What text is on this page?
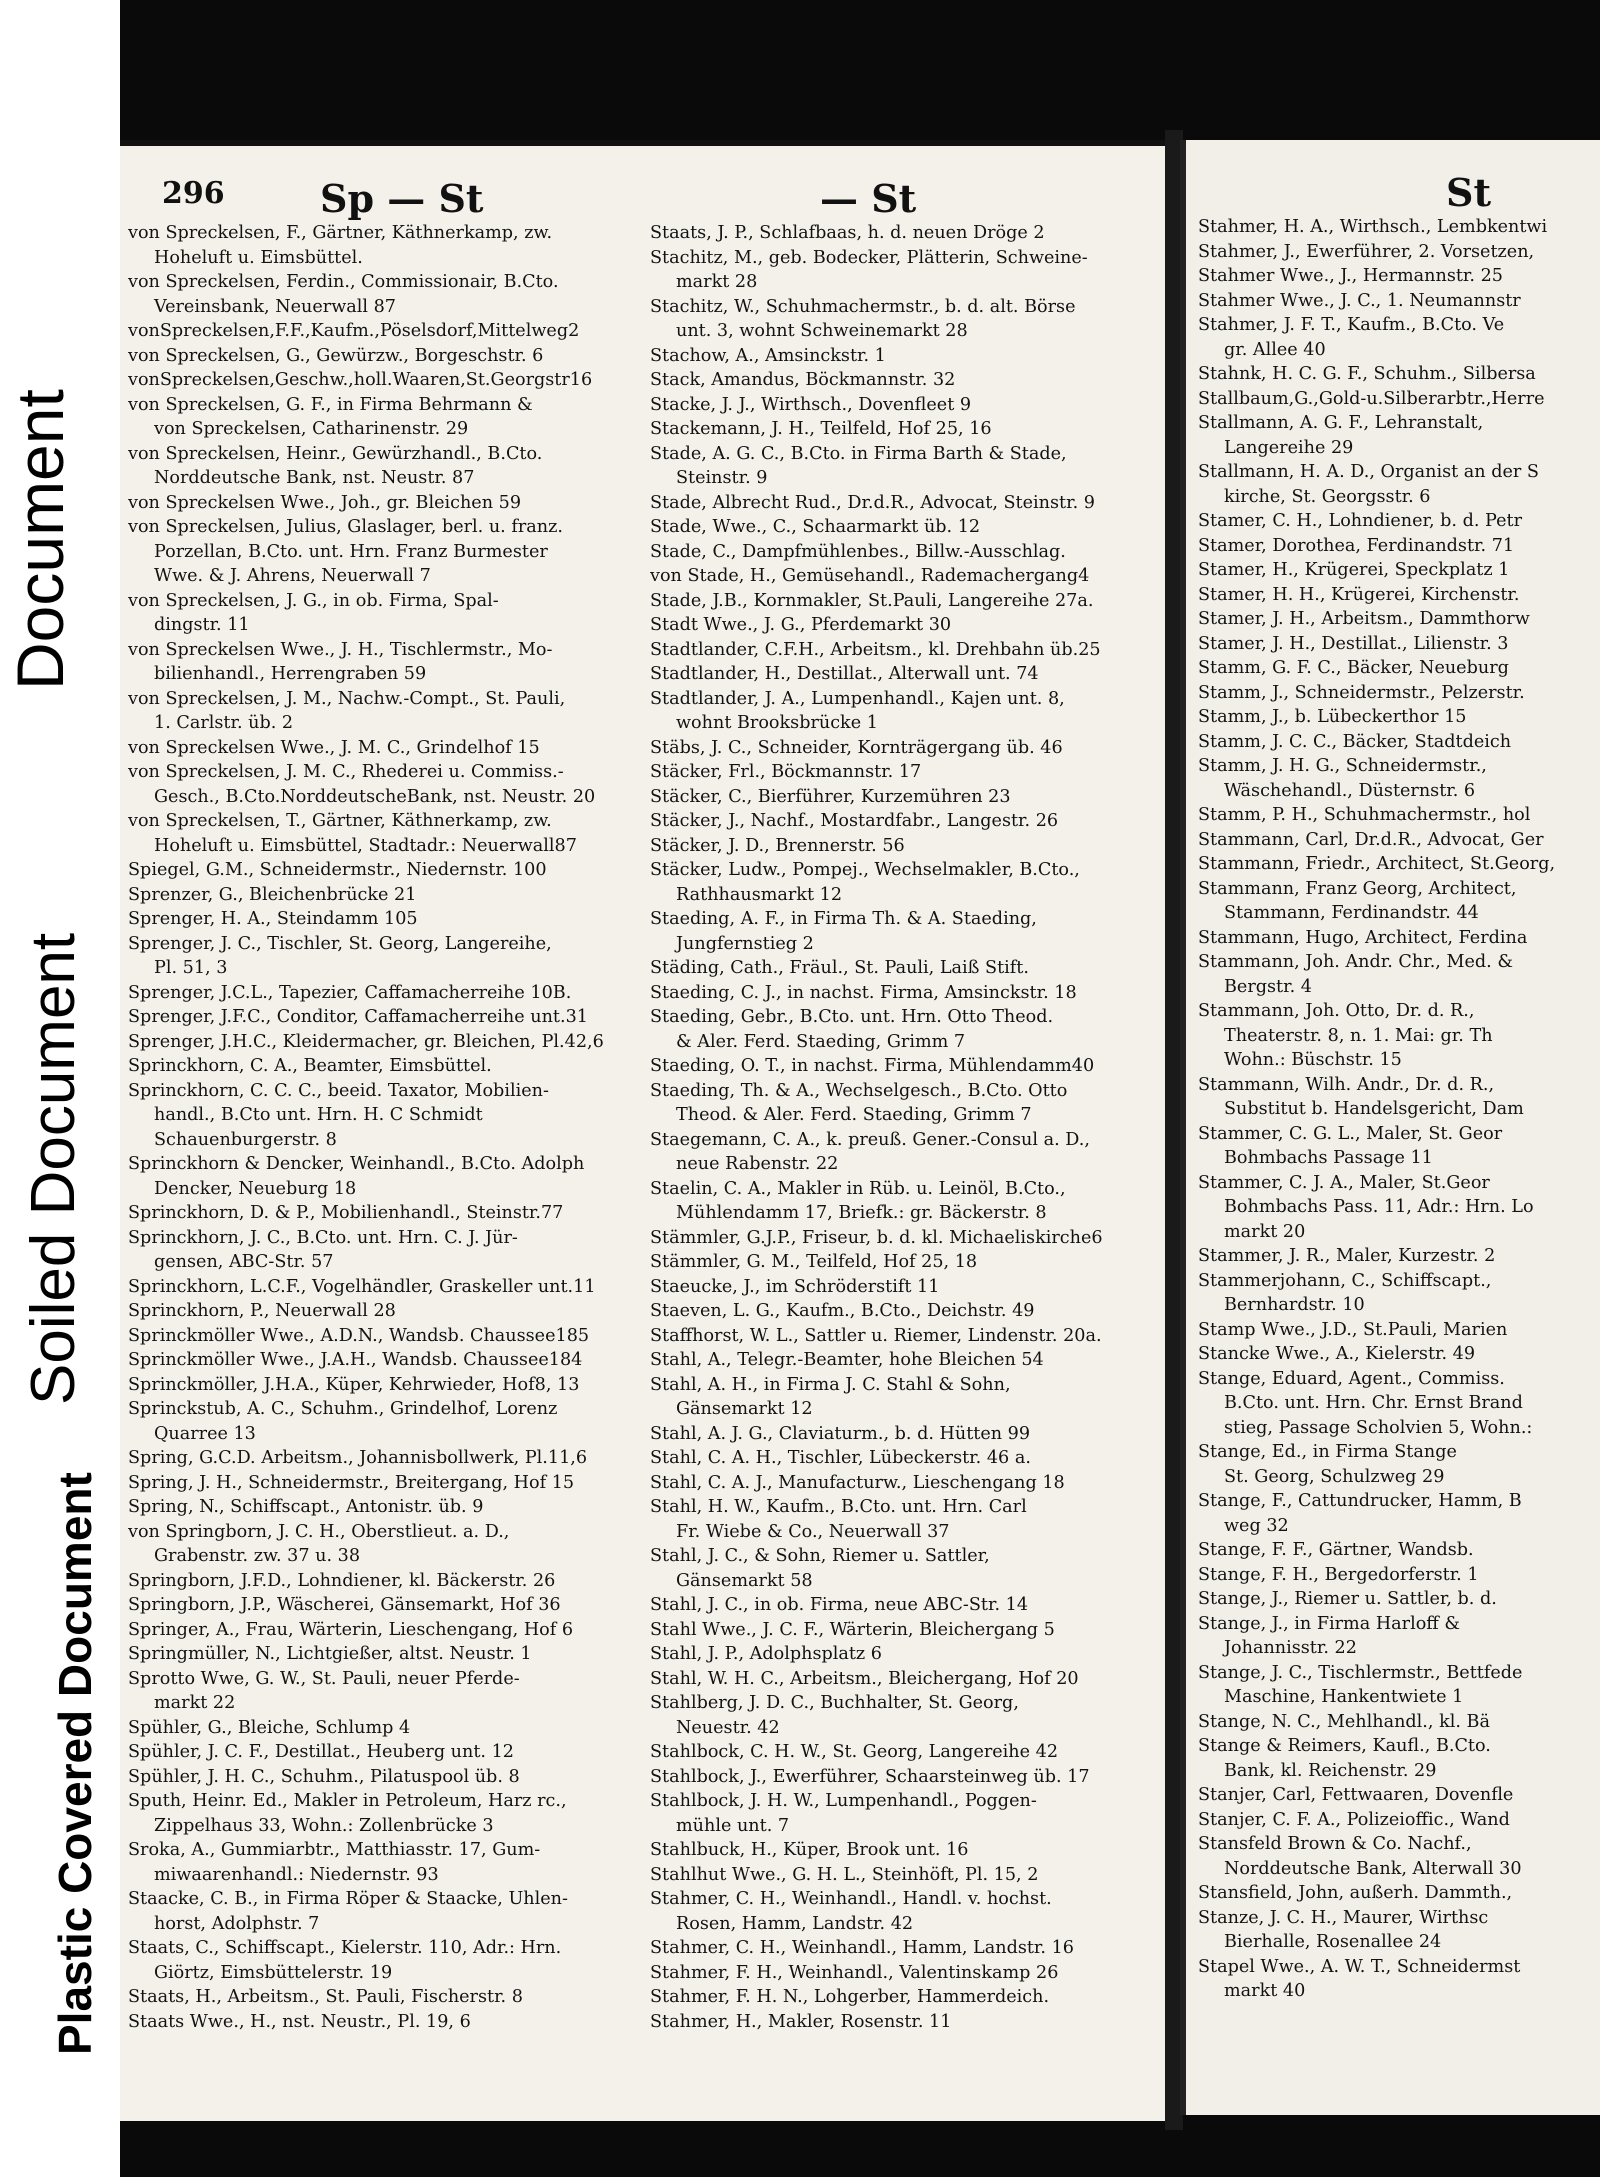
Document
Soiled Document
Plastic Covered Document
296	Sp — St	— St
von Spreckelsen, F., Gärtner, Käthnerkamp, zw.
Hoheluft u. Eimsbüttel.
von Spreckelsen, Ferdin., Commissionair, B.Cto.
Vereinsbank, Neuerwall 87
vonSpreckelsen,F.F.,Kaufm.,Pöselsdorf,Mittelweg2
von Spreckelsen, G., Gewürzw., Borgesch​str. 6
vonSpreckelsen,Geschw.,holl.Waaren,St.Georgstr16
von Spreckelsen, G. F., in Firma Behrmann &
von Spreckelsen, Catharinenstr. 29
von Spreckelsen, Heinr., Gewürzhandl., B.Cto.
Norddeutsche Bank, nst. Neustr. 87
von Spreckelsen Wwe., Joh., gr. Bleichen 59
von Spreckelsen, Julius, Glaslager, berl. u. franz.
Porzellan, B.Cto. unt. Hrn. Franz Burmester
Wwe. & J. Ahrens, Neuerwall 7
von Spreckelsen, J. G., in ob. Firma, Spal-
dingstr. 11
von Spreckelsen Wwe., J. H., Tischlermstr., Mo-
bilienhandl., Herrengraben 59
von Spreckelsen, J. M., Nachw.-Compt., St. Pauli,
1. Carlstr. üb. 2
von Spreckelsen Wwe., J. M. C., Grindelhof 15
von Spreckelsen, J. M. C., Rhederei u. Commiss.-
Gesch., B.Cto.NorddeutscheBank, nst. Neustr. 20
von Spreckelsen, T., Gärtner, Käthnerkamp, zw.
Hoheluft u. Eimsbüttel, Stadtadr.: Neuerwall87
Spiegel, G.M., Schneidermstr., Niedernstr. 100
Sprenzer, G., Bleichenbrücke 21
Sprenger, H. A., Steindamm 105
Sprenger, J. C., Tischler, St. Georg, Langereihe,
Pl. 51, 3
Sprenger, J.C.L., Tapezier, Caffamacherreihe 10B.
Sprenger, J.F.C., Conditor, Caffamacherreihe unt.31
Sprenger, J.H.C., Kleidermacher, gr. Bleichen, Pl.42,6
Sprinckhorn, C. A., Beamter, Eimsbüttel.
Sprinckhorn, C. C. C., beeid. Taxator, Mobilien-
handl., B.Cto unt. Hrn. H. C Schmidt
Schauenburgerstr. 8
Sprinckhorn & Dencker, Weinhandl., B.Cto. Adolph
Dencker, Neueburg 18
Sprinckhorn, D. & P., Mobilienhandl., Steinstr.77
Sprinckhorn, J. C., B.Cto. unt. Hrn. C. J. Jür-
gensen, ABC-Str. 57
Sprinckhorn, L.C.F., Vogelhändler, Graskeller unt.11
Sprinckhorn, P., Neuerwall 28
Sprinckmöller Wwe., A.D.N., Wandsb. Chaussee185
Sprinckmöller Wwe., J.A.H., Wandsb. Chaussee184
Sprinckmöller, J.H.A., Küper, Kehrwieder, Hof8, 13
Sprinckstub, A. C., Schuhm., Grindelhof, Lorenz
Quarree 13
Spring, G.C.D. Arbeitsm., Johannisbollwerk, Pl.11,6
Spring, J. H., Schneidermstr., Breitergang, Hof 15
Spring, N., Schiffscapt., Antonistr. üb. 9
von Springborn, J. C. H., Oberstlieut. a. D.,
Grabenstr. zw. 37 u. 38
Springborn, J.F.D., Lohndiener, kl. Bäckerstr. 26
Springborn, J.P., Wäscherei, Gänsemarkt, Hof 36
Springer, A., Frau, Wärterin, Lieschengang, Hof 6
Springmüller, N., Lichtgießer, altst. Neustr. 1
Sprotto Wwe, G. W., St. Pauli, neuer Pferde-
markt 22
Spühler, G., Bleiche, Schlump 4
Spühler, J. C. F., Destillat., Heuberg unt. 12
Spühler, J. H. C., Schuhm., Pilatuspool üb. 8
Sputh, Heinr. Ed., Makler in Petroleum, Harz rc.,
Zippelhaus 33, Wohn.: Zollenbrücke 3
Sroka, A., Gummiarbtr., Matthiasstr. 17, Gum-
miwaarenhandl.: Niedernstr. 93
Staacke, C. B., in Firma Röper & Staacke, Uhlen-
horst, Adolphstr. 7
Staats, C., Schiffscapt., Kielerstr. 110, Adr.: Hrn.
Giörtz, Eimsbüttelerstr. 19
Staats, H., Arbeitsm., St. Pauli, Fischerstr. 8
Staats Wwe., H., nst. Neustr., Pl. 19, 6
Staats, J. P., Schlafbaas, h. d. neuen Dröge 2
Stachitz, M., geb. Bodecker, Plätterin, Schweine-
markt 28
Stachitz, W., Schuhmachermstr., b. d. alt. Börse
unt. 3, wohnt Schweinemarkt 28
Stachow, A., Amsinckstr. 1
Stack, Amandus, Böckmannstr. 32
Stacke, J. J., Wirthsch., Dovenfleet 9
Stackemann, J. H., Teilfeld, Hof 25, 16
Stade, A. G. C., B.Cto. in Firma Barth & Stade,
Steinstr. 9
Stade, Albrecht Rud., Dr.d.R., Advocat, Steinstr. 9
Stade, Wwe., C., Schaarmarkt üb. 12
Stade, C., Dampfmühlenbes., Billw.-Ausschlag.
von Stade, H., Gemüsehandl., Rademachergang4
Stade, J.B., Kornmakler, St.Pauli, Langereihe 27a.
Stadt Wwe., J. G., Pferdemarkt 30
Stadtlander, C.F.H., Arbeitsm., kl. Drehbahn üb.25
Stadtlander, H., Destillat., Alterwall unt. 74
Stadtlander, J. A., Lumpenhandl., Kajen unt. 8,
wohnt Brooksbrücke 1
Stäbs, J. C., Schneider, Kornträgergang üb. 46
Stäcker, Frl., Böckmannstr. 17
Stäcker, C., Bierführer, Kurzemühren 23
Stäcker, J., Nachf., Mostardfabr., Langestr. 26
Stäcker, J. D., Brennerstr. 56
Stäcker, Ludw., Pompej., Wechselmakler, B.Cto.,
Rathhausmarkt 12
Staeding, A. F., in Firma Th. & A. Staeding,
Jungfernstieg 2
Städing, Cath., Fräul., St. Pauli, Laiß Stift.
Staeding, C. J., in nachst. Firma, Amsinckstr. 18
Staeding, Gebr., B.Cto. unt. Hrn. Otto Theod.
& Aler. Ferd. Staeding, Grimm 7
Staeding, O. T., in nachst. Firma, Mühlendamm40
Staeding, Th. & A., Wechselgesch., B.Cto. Otto
Theod. & Aler. Ferd. Staeding, Grimm 7
Staegemann, C. A., k. preuß. Gener.-Consul a. D.,
neue Rabenstr. 22
Staelin, C. A., Makler in Rüb. u. Leinöl, B.Cto.,
Mühlendamm 17, Briefk.: gr. Bäckerstr. 8
Stämmler, G.J.P., Friseur, b. d. kl. Michaeliskirche6
Stämmler, G. M., Teilfeld, Hof 25, 18
Staeucke, J., im Schröderstift 11
Staeven, L. G., Kaufm., B.Cto., Deichstr. 49
Staffhorst, W. L., Sattler u. Riemer, Lindenstr. 20a.
Stahl, A., Telegr.-Beamter, hohe Bleichen 54
Stahl, A. H., in Firma J. C. Stahl & Sohn,
Gänsemarkt 12
Stahl, A. J. G., Claviaturm., b. d. Hütten 99
Stahl, C. A. H., Tischler, Lübeckerstr. 46 a.
Stahl, C. A. J., Manufacturw., Lieschengang 18
Stahl, H. W., Kaufm., B.Cto. unt. Hrn. Carl
Fr. Wiebe & Co., Neuerwall 37
Stahl, J. C., & Sohn, Riemer u. Sattler,
Gänsemarkt 58
Stahl, J. C., in ob. Firma, neue ABC-Str. 14
Stahl Wwe., J. C. F., Wärterin, Bleichergang 5
Stahl, J. P., Adolphsplatz 6
Stahl, W. H. C., Arbeitsm., Bleichergang, Hof 20
Stahlberg, J. D. C., Buchhalter, St. Georg,
Neuestr. 42
Stahlbock, C. H. W., St. Georg, Langereihe 42
Stahlbock, J., Ewerführer, Schaarsteinweg üb. 17
Stahlbock, J. H. W., Lumpenhandl., Poggen-
mühle unt. 7
Stahlbuck, H., Küper, Brook unt. 16
Stahlhut Wwe., G. H. L., Steinhöft, Pl. 15, 2
Stahmer, C. H., Weinhandl., Handl. v. hochst.
Rosen, Hamm, Landstr. 42
Stahmer, C. H., Weinhandl., Hamm, Landstr. 16
Stahmer, F. H., Weinhandl., Valentinskamp 26
Stahmer, F. H. N., Lohgerber, Hammerdeich.
Stahmer, H., Makler, Rosenstr. 11
St
Stahmer, H. A., Wirthsch., Lembkentwi
Stahmer, J., Ewerführer, 2. Vorsetzen,
Stahmer Wwe., J., Hermannstr. 25
Stahmer Wwe., J. C., 1. Neumannstr
Stahmer, J. F. T., Kaufm., B.Cto. Ve
gr. Allee 40
Stahnk, H. C. G. F., Schuhm., Silbersa
Stallbaum,G.,Gold-u.Silberarbtr.,Herre
Stallmann, A. G. F., Lehranstalt,
Langereihe 29
Stallmann, H. A. D., Organist an der S
kirche, St. Georgsstr. 6
Stamer, C. H., Lohndiener, b. d. Petr
Stamer, Dorothea, Ferdinandstr. 71
Stamer, H., Krügerei, Speckplatz 1
Stamer, H. H., Krügerei, Kirchenstr.
Stamer, J. H., Arbeitsm., Dammthorw
Stamer, J. H., Destillat., Lilienstr. 3
Stamm, G. F. C., Bäcker, Neueburg
Stamm, J., Schneidermstr., Pelzerstr.
Stamm, J., b. Lübeckerthor 15
Stamm, J. C. C., Bäcker, Stadtdeich
Stamm, J. H. G., Schneidermstr.,
Wäschehandl., Düsternstr. 6
Stamm, P. H., Schuhmachermstr., hol
Stammann, Carl, Dr.d.R., Advocat, Ger
Stammann, Friedr., Architect, St.Georg,
Stammann, Franz Georg, Architect,
Stammann, Ferdinandstr. 44
Stammann, Hugo, Architect, Ferdina
Stammann, Joh. Andr. Chr., Med. &
Bergstr. 4
Stammann, Joh. Otto, Dr. d. R.,
Theaterstr. 8, n. 1. Mai: gr. Th
Wohn.: Büschstr. 15
Stammann, Wilh. Andr., Dr. d. R.,
Substitut b. Handelsgericht, Dam
Stammer, C. G. L., Maler, St. Geor
Bohmbachs Passage 11
Stammer, C. J. A., Maler, St.Geor
Bohmbachs Pass. 11, Adr.: Hrn. Lo
markt 20
Stammer, J. R., Maler, Kurzestr. 2
Stammerjohann, C., Schiffscapt.,
Bernhardstr. 10
Stamp Wwe., J.D., St.Pauli, Marien
Stancke Wwe., A., Kielerstr. 49
Stange, Eduard, Agent., Commiss.
B.Cto. unt. Hrn. Chr. Ernst Brand
stieg, Passage Scholvien 5, Wohn.:
Stange, Ed., in Firma Stange
St. Georg, Schulzweg 29
Stange, F., Cattundrucker, Hamm, B
weg 32
Stange, F. F., Gärtner, Wandsb.
Stange, F. H., Bergedorferstr. 1
Stange, J., Riemer u. Sattler, b. d.
Stange, J., in Firma Harloff &
Johannisstr. 22
Stange, J. C., Tischlermstr., Bettfede
Maschine, Hankentwiete 1
Stange, N. C., Mehlhandl., kl. Bä
Stange & Reimers, Kaufl., B.Cto.
Bank, kl. Reichenstr. 29
Stanjer, Carl, Fettwaaren, Dovenfle
Stanjer, C. F. A., Polizeioffic., Wand
Stansfeld Brown & Co. Nachf.,
Norddeutsche Bank, Alterwall 30
Stansfield, John, außerh. Dammth.,
Stanze, J. C. H., Maurer, Wirthsc
Bierhalle, Rosenallee 24
Stapel Wwe., A. W. T., Schneidermst
markt 40
